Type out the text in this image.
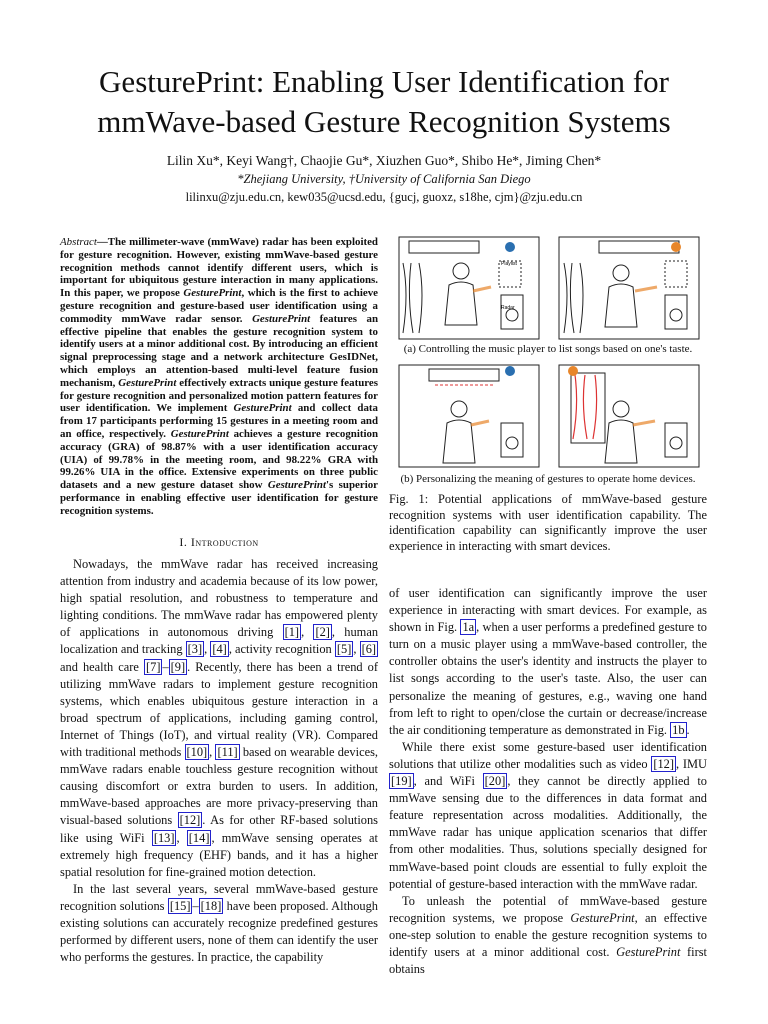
GesturePrint: Enabling User Identification for
mmWave-based Gesture Recognition Systems
Lilin Xu*, Keyi Wang†, Chaojie Gu*, Xiuzhen Guo*, Shibo He*, Jiming Chen*
*Zhejiang University, †University of California San Diego
lilinxu@zju.edu.cn, kew035@ucsd.edu, {gucj, guoxz, s18he, cjm}@zju.edu.cn
Abstract—The millimeter-wave (mmWave) radar has been exploited for gesture recognition. However, existing mmWave-based gesture recognition methods cannot identify different users, which is important for ubiquitous gesture interaction in many applications. In this paper, we propose GesturePrint, which is the first to achieve gesture recognition and gesture-based user identification using a commodity mmWave radar sensor. GesturePrint features an effective pipeline that enables the gesture recognition system to identify users at a minor additional cost. By introducing an efficient signal preprocessing stage and a network architecture GesIDNet, which employs an attention-based multi-level feature fusion mechanism, GesturePrint effectively extracts unique gesture features for gesture recognition and personalized motion pattern features for user identification. We implement GesturePrint and collect data from 17 participants performing 15 gestures in a meeting room and an office, respectively. GesturePrint achieves a gesture recognition accuracy (GRA) of 98.87% with a user identification accuracy (UIA) of 99.78% in the meeting room, and 98.22% GRA with 99.26% UIA in the office. Extensive experiments on three public datasets and a new gesture dataset show GesturePrint's superior performance in enabling effective user identification for gesture recognition systems.
I. Introduction

Nowadays, the mmWave radar has received increasing attention from industry and academia because of its low power, high spatial resolution, and robustness to temperature and lighting conditions. The mmWave radar has empowered plenty of applications in autonomous driving [1] , [2] , human localization and tracking [3] , [4] , activity recognition [5] , [6] and health care [7] – [9] . Recently, there has been a trend of utilizing mmWave radars to implement gesture recognition systems, which enables ubiquitous gesture interaction in a broad spectrum of applications, including gaming control, Internet of Things (IoT), and virtual reality (VR). Compared with traditional methods [10] , [11] based on wearable devices, mmWave radars enable touchless gesture recognition without causing discomfort or extra burden to users. In addition, mmWave-based approaches are more privacy-preserving than visual-based solutions [12] . As for other RF-based solutions like using WiFi [13] , [14] , mmWave sensing operates at extremely high frequency (EHF) bands, and it has a higher spatial resolution for fine-grained motion detection.

In the last several years, several mmWave-based gesture recognition solutions [15] – [18] have been proposed. Although existing solutions can accurately recognize predefined gestures performed by different users, none of them can identify the user who performs the gestures. In practice, the capability

Playlist
Radar
(a) Controlling the music player to list songs based on one's taste.
(b) Personalizing the meaning of gestures to operate home devices.
Fig. 1: Potential applications of mmWave-based gesture recognition systems with user identification capability. The identification capability can significantly improve the user experience in interacting with smart devices.

of user identification can significantly improve the user experience in interacting with smart devices. For example, as shown in Fig. 1a , when a user performs a predefined gesture to turn on a music player using a mmWave-based controller, the controller obtains the user's identity and instructs the player to list songs according to the user's taste. Also, the user can personalize the meaning of gestures, e.g., waving one hand from left to right to open/close the curtain or decrease/increase the air conditioning temperature as demonstrated in Fig. 1b .

While there exist some gesture-based user identification solutions that utilize other modalities such as video [12] , IMU [19] , and WiFi [20] , they cannot be directly applied to mmWave sensing due to the differences in data format and feature representation across modalities. Additionally, the mmWave radar has unique application scenarios that differ from other modalities. Thus, solutions specially designed for mmWave-based point clouds are essential to fully exploit the potential of gesture-based interaction with the mmWave radar.

To unleash the potential of mmWave-based gesture recognition systems, we propose GesturePrint, an effective one-step solution to enable the gesture recognition systems to identify users at a minor additional cost. GesturePrint first obtains
